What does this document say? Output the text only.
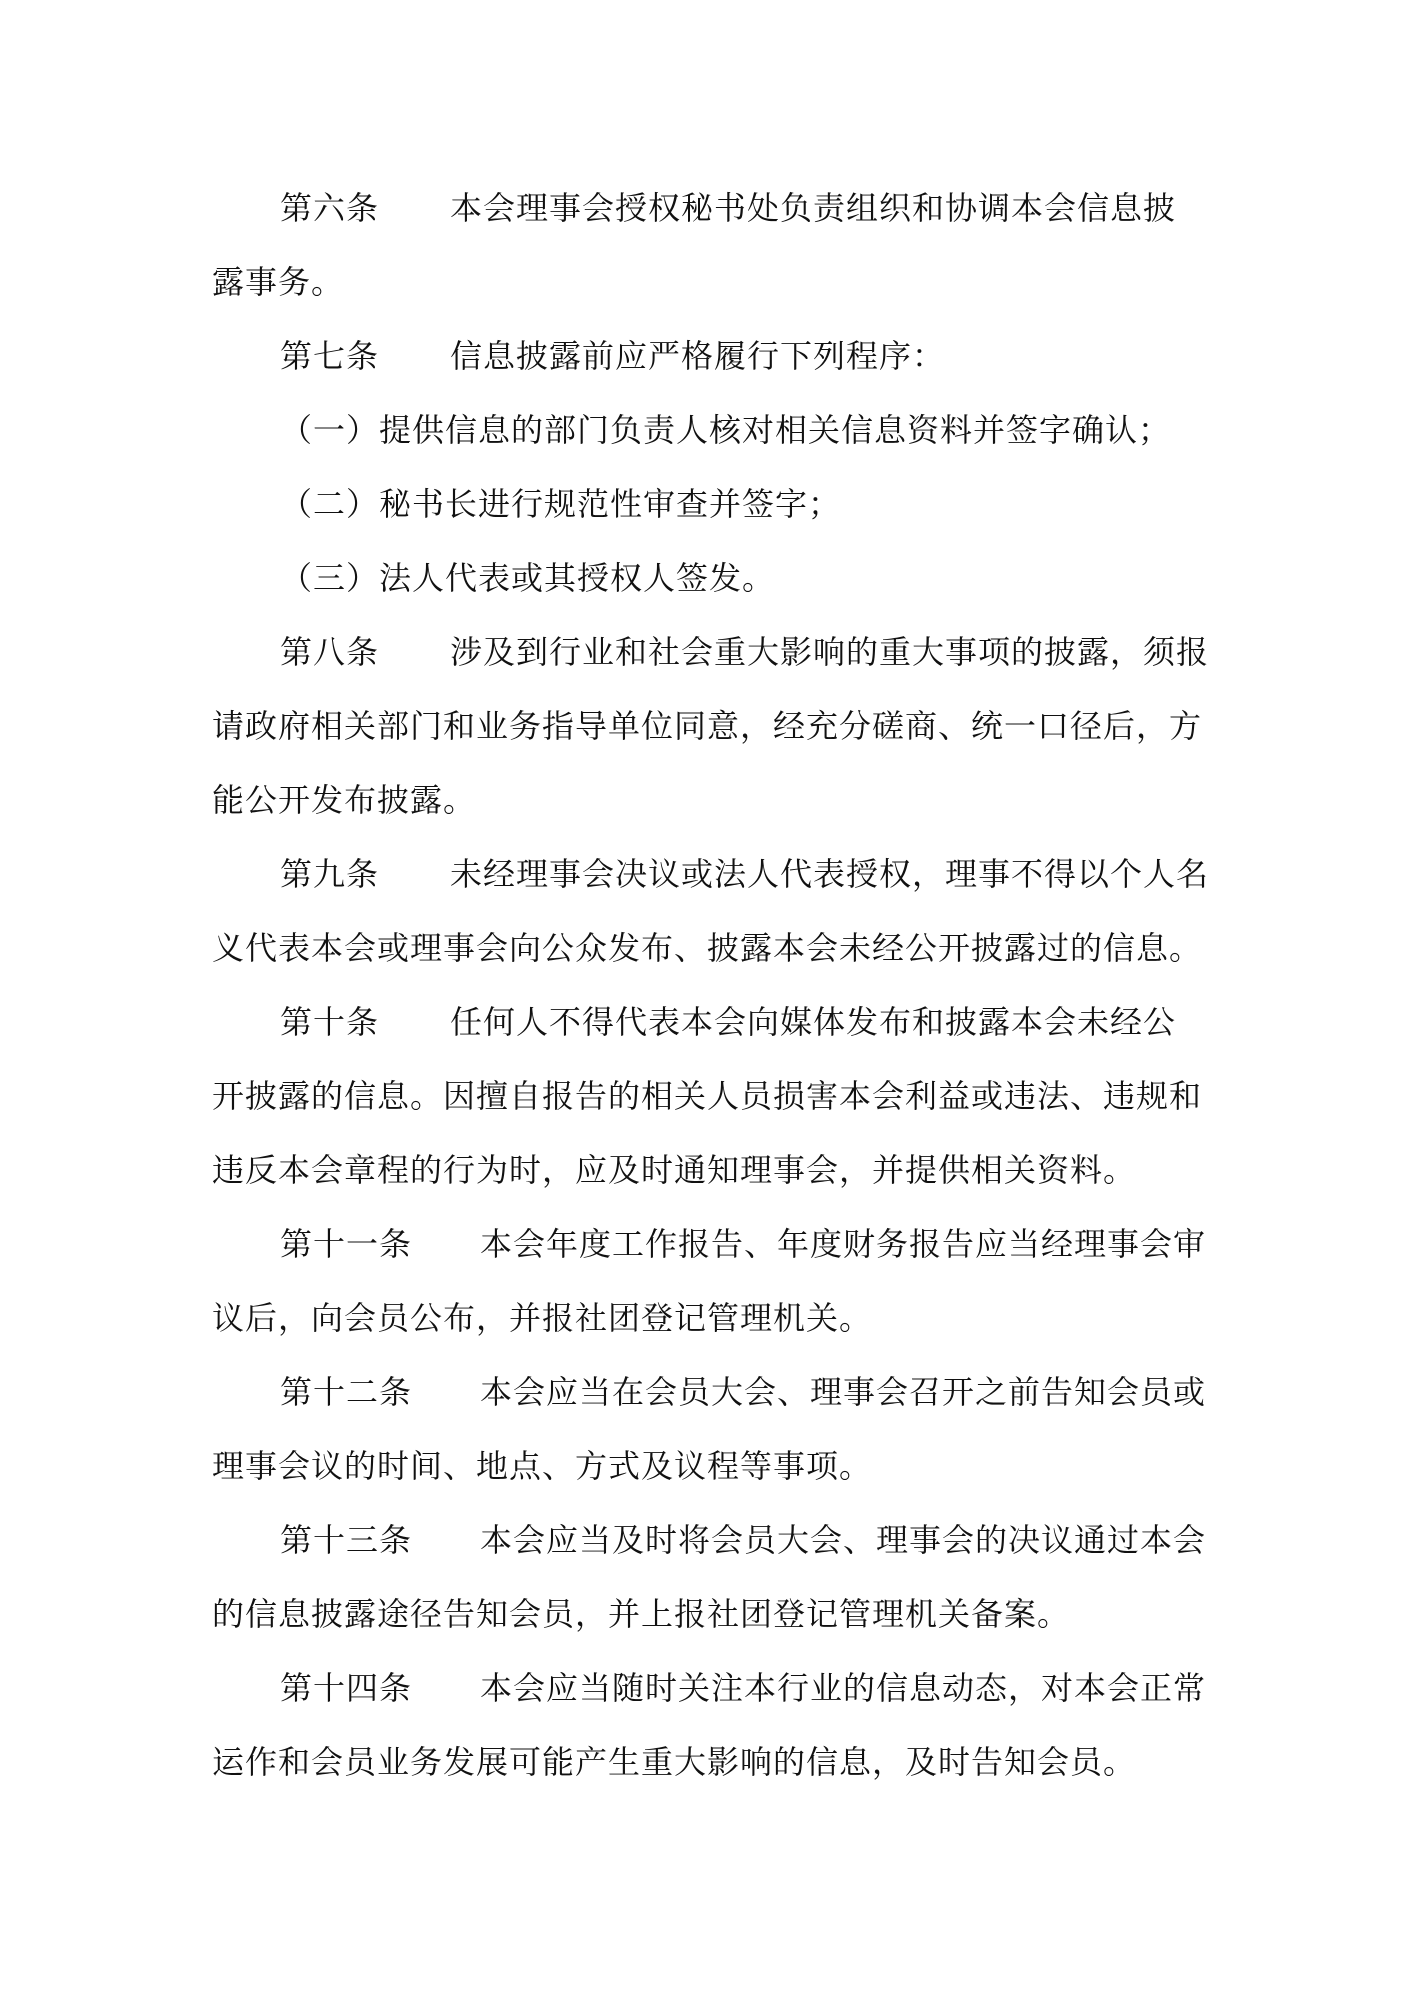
第六条 本会理事会授权秘书处负责组织和协调本会信息披
露事务。
第七条 信息披露前应严格履行下列程序：
（一）提供信息的部门负责人核对相关信息资料并签字确认；
（二）秘书长进行规范性审查并签字；
（三）法人代表或其授权人签发。
第八条 涉及到行业和社会重大影响的重大事项的披露，须报
请政府相关部门和业务指导单位同意，经充分磋商、统一口径后，方
能公开发布披露。
第九条 未经理事会决议或法人代表授权，理事不得以个人名
义代表本会或理事会向公众发布、披露本会未经公开披露过的信息。
第十条 任何人不得代表本会向媒体发布和披露本会未经公
开披露的信息。因擅自报告的相关人员损害本会利益或违法、违规和
违反本会章程的行为时，应及时通知理事会，并提供相关资料。
第十一条 本会年度工作报告、年度财务报告应当经理事会审
议后，向会员公布，并报社团登记管理机关。
第十二条 本会应当在会员大会、理事会召开之前告知会员或
理事会议的时间、地点、方式及议程等事项。
第十三条 本会应当及时将会员大会、理事会的决议通过本会
的信息披露途径告知会员，并上报社团登记管理机关备案。
第十四条 本会应当随时关注本行业的信息动态，对本会正常
运作和会员业务发展可能产生重大影响的信息，及时告知会员。
